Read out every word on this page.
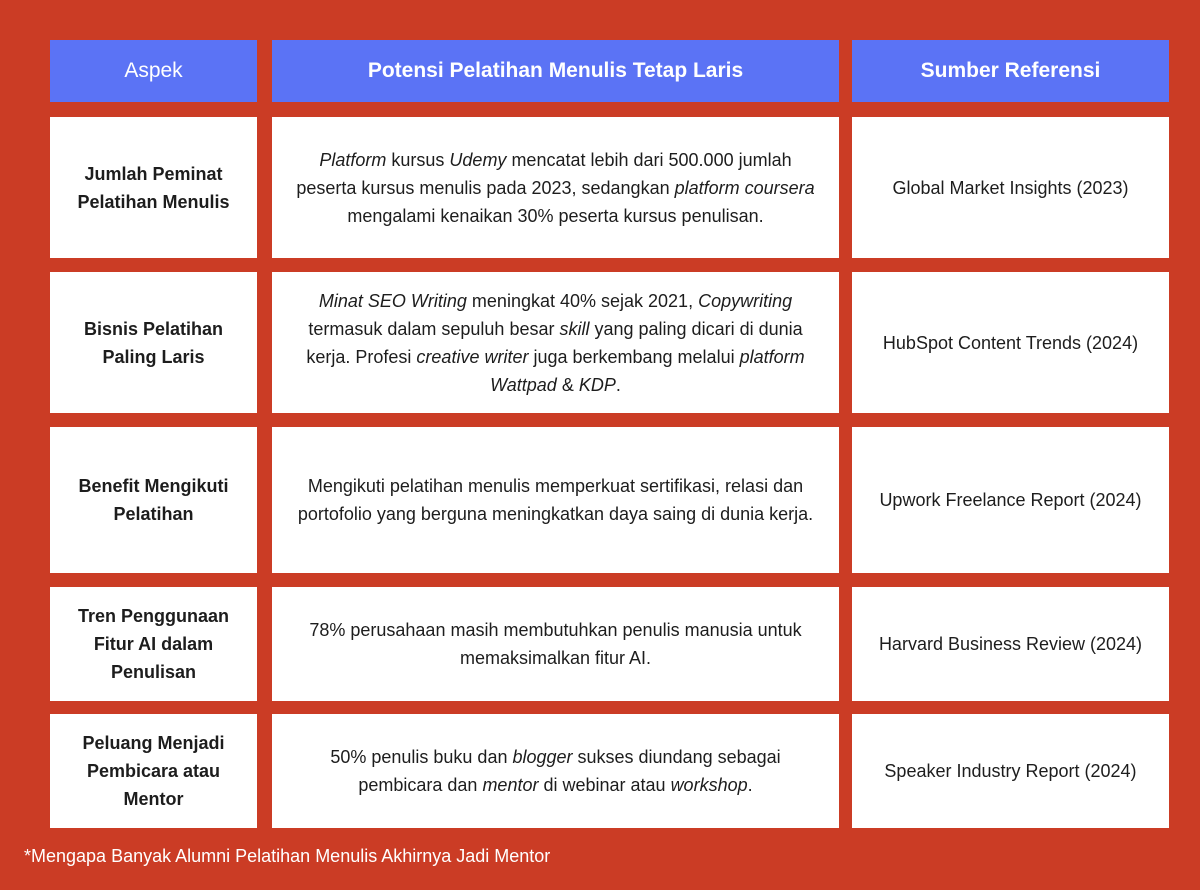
Aspek	Potensi Pelatihan Menulis Tetap Laris	Sumber Referensi
Jumlah Peminat Pelatihan Menulis
Platform kursus Udemy mencatat lebih dari 500.000 jumlah peserta kursus menulis pada 2023, sedangkan platform coursera mengalami kenaikan 30% peserta kursus penulisan.
Global Market Insights (2023)
Bisnis Pelatihan Paling Laris
Minat SEO Writing meningkat 40% sejak 2021, Copywriting termasuk dalam sepuluh besar skill yang paling dicari di dunia kerja. Profesi creative writer juga berkembang melalui platform Wattpad & KDP.
HubSpot Content Trends (2024)
Benefit Mengikuti Pelatihan
Mengikuti pelatihan menulis memperkuat sertifikasi, relasi dan portofolio yang berguna meningkatkan daya saing di dunia kerja.
Upwork Freelance Report (2024)
Tren Penggunaan Fitur AI dalam Penulisan
78% perusahaan masih membutuhkan penulis manusia untuk memaksimalkan fitur AI.
Harvard Business Review (2024)
Peluang Menjadi Pembicara atau Mentor
50% penulis buku dan blogger sukses diundang sebagai pembicara dan mentor di webinar atau workshop.
Speaker Industry Report (2024)
*Mengapa Banyak Alumni Pelatihan Menulis Akhirnya Jadi Mentor
